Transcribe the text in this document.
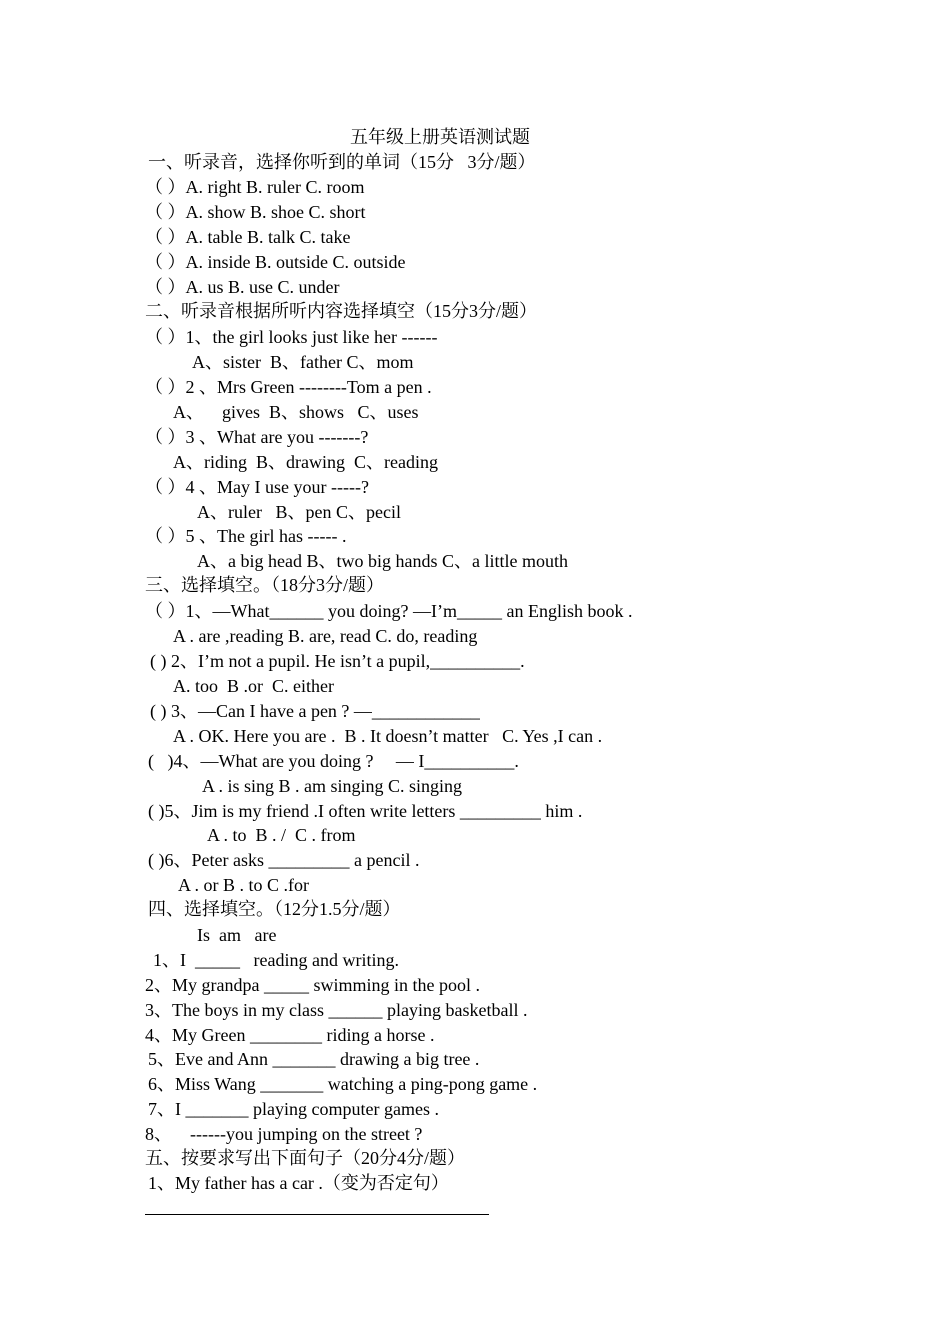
五年级上册英语测试题
一、听录音，选择你听到的单词（15分   3分/题）
（ ）A. right B. ruler C. room
（ ）A. show B. shoe C. short
（ ）A. table B. talk C. take
（ ）A. inside B. outside C. outside
（ ）A. us B. use C. under
二、听录音根据所听内容选择填空（15分3分/题）
（ ）1、the girl looks just like her ------
A、sister  B、father C、mom
（ ）2 、Mrs Green --------Tom a pen .
A、    gives  B、shows   C、uses
（ ）3 、What are you -------?
A、riding  B、drawing  C、reading
（ ）4 、May I use your -----?
A、ruler   B、pen C、pecil
（ ）5 、The girl has ----- .
A、a big head B、two big hands C、a little mouth
三、选择填空。（18分3分/题）
（ ）1、—What______ you doing? —I’m_____ an English book .
A . are ,reading B. are, read C. do, reading
( ) 2、I’m not a pupil. He isn’t a pupil,__________.
A. too  B .or  C. either
( ) 3、—Can I have a pen ? —____________
A . OK. Here you are .  B . It doesn’t matter   C. Yes ,I can .
(   )4、—What are you doing ?     — I__________.
A . is sing B . am singing C. singing
( )5、Jim is my friend .I often write letters _________ him .
A . to  B . /  C . from
( )6、Peter asks _________ a pencil .
A . or B . to C .for
四、选择填空。（12分1.5分/题）
Is  am   are
1、I  _____   reading and writing.
2、My grandpa _____ swimming in the pool .
3、The boys in my class ______ playing basketball .
4、My Green ________ riding a horse .
5、Eve and Ann _______ drawing a big tree .
6、Miss Wang _______ watching a ping-pong game .
7、I _______ playing computer games .
8、    ------you jumping on the street ?
五、按要求写出下面句子（20分4分/题）
1、My father has a car .（变为否定句）
